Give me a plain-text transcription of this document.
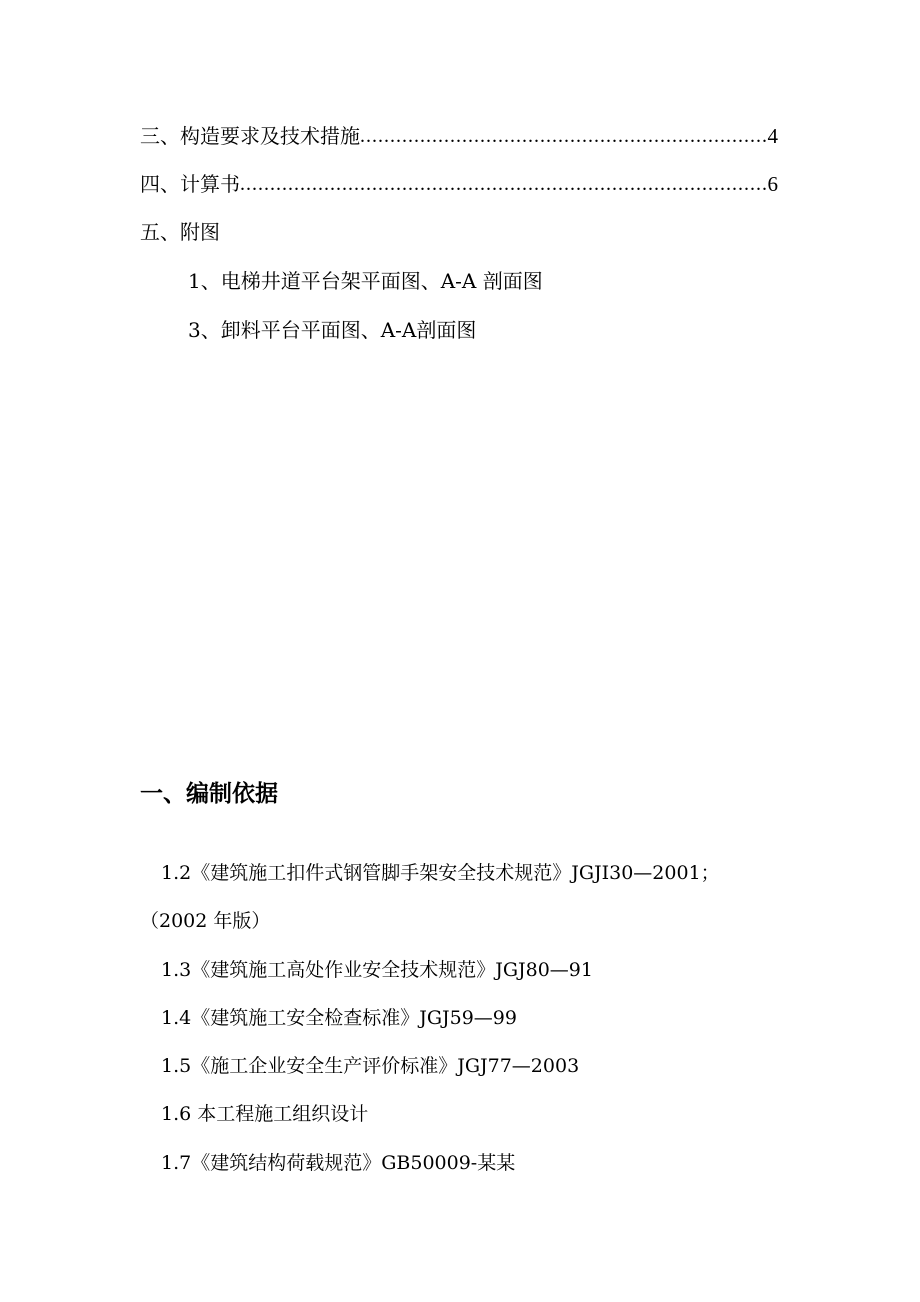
三、构造要求及技术措施 .....	4
四、计算书 .....	6
五、附图
1、电梯井道平台架平面图、A-A 剖面图
3、卸料平台平面图、A-A剖面图
一、编制依据
1.2《建筑施工扣件式钢管脚手架安全技术规范》JGJI30—2001；
（2002 年版）
1.3《建筑施工高处作业安全技术规范》JGJ80—91
1.4《建筑施工安全检查标准》JGJ59—99
1.5《施工企业安全生产评价标准》JGJ77—2003
1.6 本工程施工组织设计
1.7《建筑结构荷载规范》GB50009-某某
